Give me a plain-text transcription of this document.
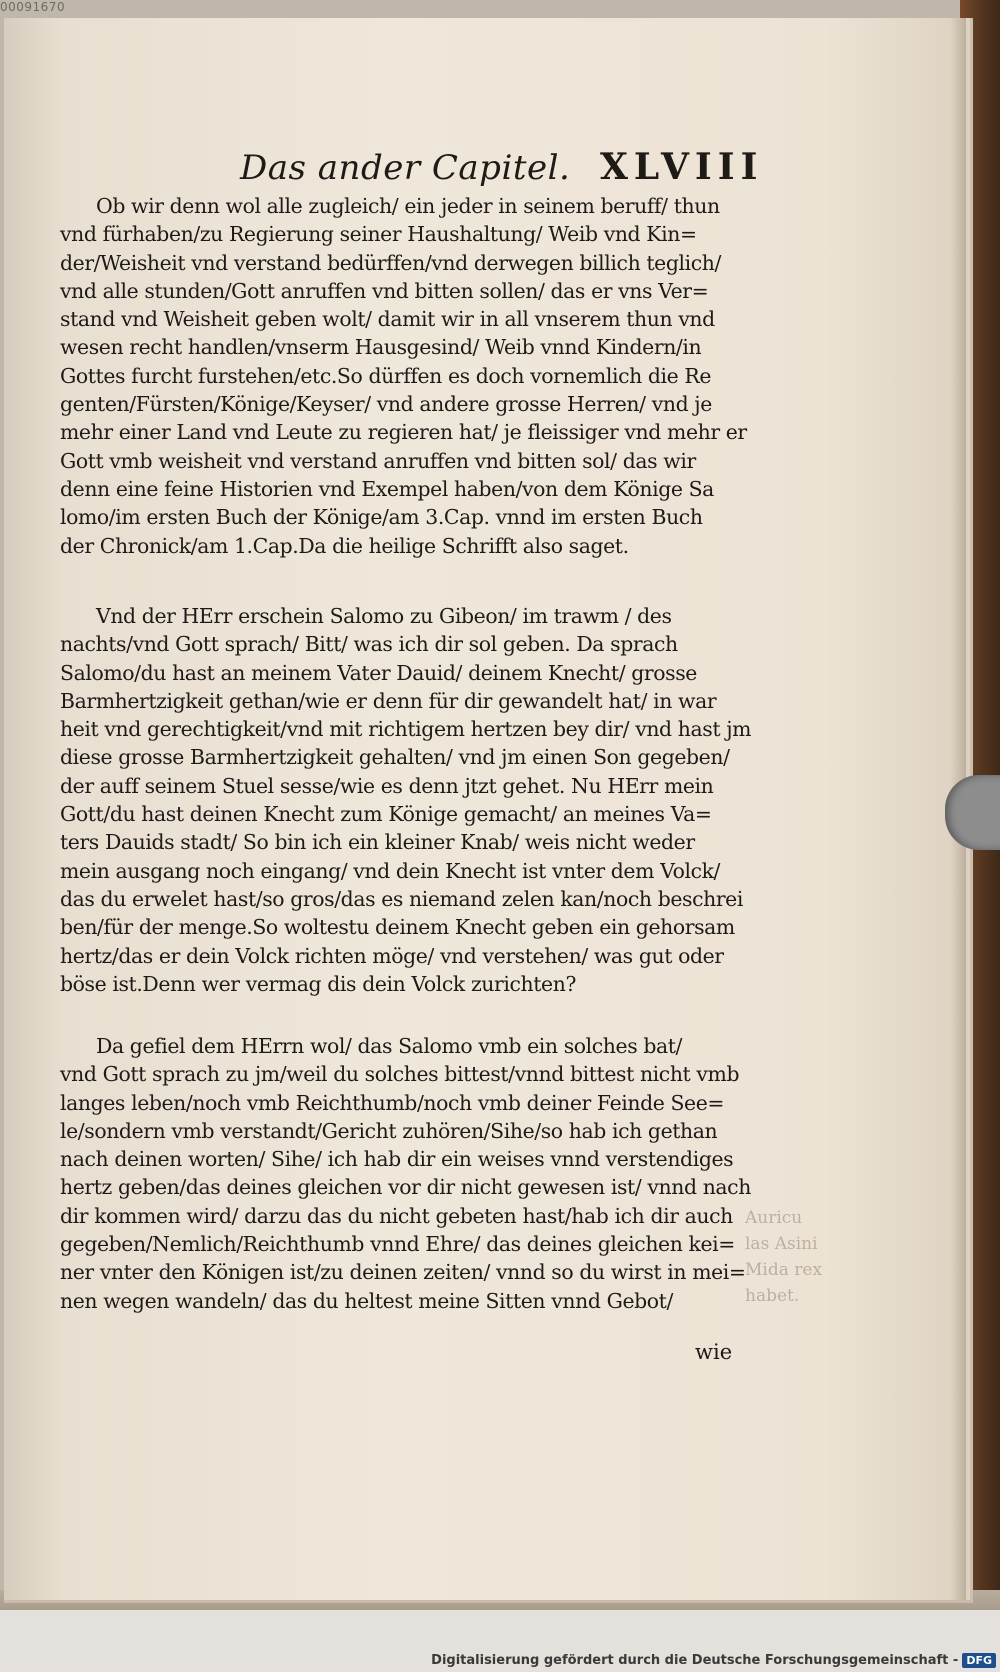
00091670
Das ander Capitel. XLVIII
Ob wir denn wol alle zugleich/ ein jeder in seinem beruff/ thun
vnd fürhaben/zu Regierung seiner Haushaltung/ Weib vnd Kin=
der/Weisheit vnd verstand bedürffen/vnd derwegen billich teglich/
vnd alle stunden/Gott anruffen vnd bitten sollen/ das er vns Ver=
stand vnd Weisheit geben wolt/ damit wir in all vnserem thun vnd
wesen recht handlen/vnserm Hausgesind/ Weib vnnd Kindern/in
Gottes furcht furstehen/etc.So dürffen es doch vornemlich die Re
genten/Fürsten/Könige/Keyser/ vnd andere grosse Herren/ vnd je
mehr einer Land vnd Leute zu regieren hat/ je fleissiger vnd mehr er
Gott vmb weisheit vnd verstand anruffen vnd bitten sol/ das wir
denn eine feine Historien vnd Exempel haben/von dem Könige Sa
lomo/im ersten Buch der Könige/am 3.Cap. vnnd im ersten Buch
der Chronick/am 1.Cap.Da die heilige Schrifft also saget.
Vnd der HErr erschein Salomo zu Gibeon/ im trawm / des
nachts/vnd Gott sprach/ Bitt/ was ich dir sol geben. Da sprach
Salomo/du hast an meinem Vater Dauid/ deinem Knecht/ grosse
Barmhertzigkeit gethan/wie er denn für dir gewandelt hat/ in war
heit vnd gerechtigkeit/vnd mit richtigem hertzen bey dir/ vnd hast jm
diese grosse Barmhertzigkeit gehalten/ vnd jm einen Son gegeben/
der auff seinem Stuel sesse/wie es denn jtzt gehet. Nu HErr mein
Gott/du hast deinen Knecht zum Könige gemacht/ an meines Va=
ters Dauids stadt/ So bin ich ein kleiner Knab/ weis nicht weder
mein ausgang noch eingang/ vnd dein Knecht ist vnter dem Volck/
das du erwelet hast/so gros/das es niemand zelen kan/noch beschrei
ben/für der menge.So woltestu deinem Knecht geben ein gehorsam
hertz/das er dein Volck richten möge/ vnd verstehen/ was gut oder
böse ist.Denn wer vermag dis dein Volck zurichten?
Da gefiel dem HErrn wol/ das Salomo vmb ein solches bat/
vnd Gott sprach zu jm/weil du solches bittest/vnnd bittest nicht vmb
langes leben/noch vmb Reichthumb/noch vmb deiner Feinde See=
le/sondern vmb verstandt/Gericht zuhören/Sihe/so hab ich gethan
nach deinen worten/ Sihe/ ich hab dir ein weises vnnd verstendiges
hertz geben/das deines gleichen vor dir nicht gewesen ist/ vnnd nach
dir kommen wird/ darzu das du nicht gebeten hast/hab ich dir auch
gegeben/Nemlich/Reichthumb vnnd Ehre/ das deines gleichen kei=
ner vnter den Königen ist/zu deinen zeiten/ vnnd so du wirst in mei=
nen wegen wandeln/ das du heltest meine Sitten vnnd Gebot/
wie
Auricu
las Asini
Mida rex
habet.
Digitalisierung gefördert durch die Deutsche Forschungsgemeinschaft - DFG
